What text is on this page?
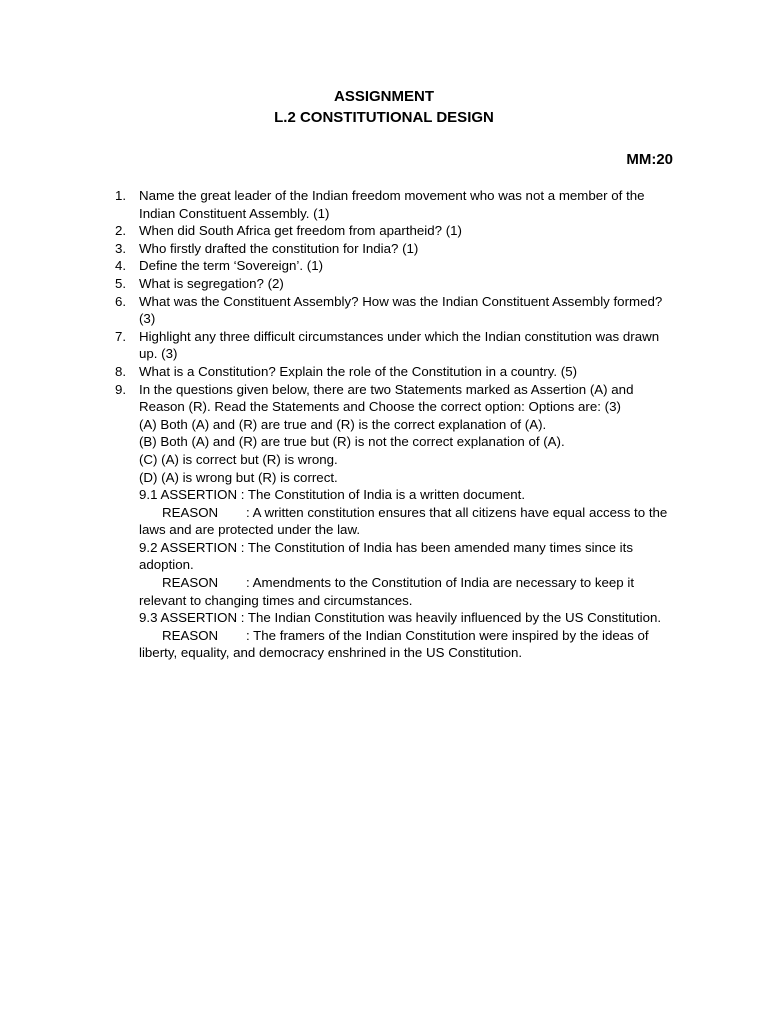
ASSIGNMENT
L.2 CONSTITUTIONAL DESIGN
MM:20
1. Name the great leader of the Indian freedom movement who was not a member of the Indian Constituent Assembly. (1)
2. When did South Africa get freedom from apartheid? (1)
3. Who firstly drafted the constitution for India? (1)
4. Define the term ‘Sovereign’. (1)
5. What is segregation? (2)
6. What was the Constituent Assembly? How was the Indian Constituent Assembly formed? (3)
7. Highlight any three difficult circumstances under which the Indian constitution was drawn up. (3)
8. What is a Constitution? Explain the role of the Constitution in a country. (5)
9. In the questions given below, there are two Statements marked as Assertion (A) and Reason (R). Read the Statements and Choose the correct option: Options are: (3)
(A) Both (A) and (R) are true and (R) is the correct explanation of (A).
(B) Both (A) and (R) are true but (R) is not the correct explanation of (A).
(C) (A) is correct but (R) is wrong.
(D) (A) is wrong but (R) is correct.
9.1 ASSERTION : The Constitution of India is a written document.
REASON : A written constitution ensures that all citizens have equal access to the laws and are protected under the law.
9.2 ASSERTION : The Constitution of India has been amended many times since its adoption.
REASON : Amendments to the Constitution of India are necessary to keep it relevant to changing times and circumstances.
9.3 ASSERTION : The Indian Constitution was heavily influenced by the US Constitution.
REASON : The framers of the Indian Constitution were inspired by the ideas of liberty, equality, and democracy enshrined in the US Constitution.
